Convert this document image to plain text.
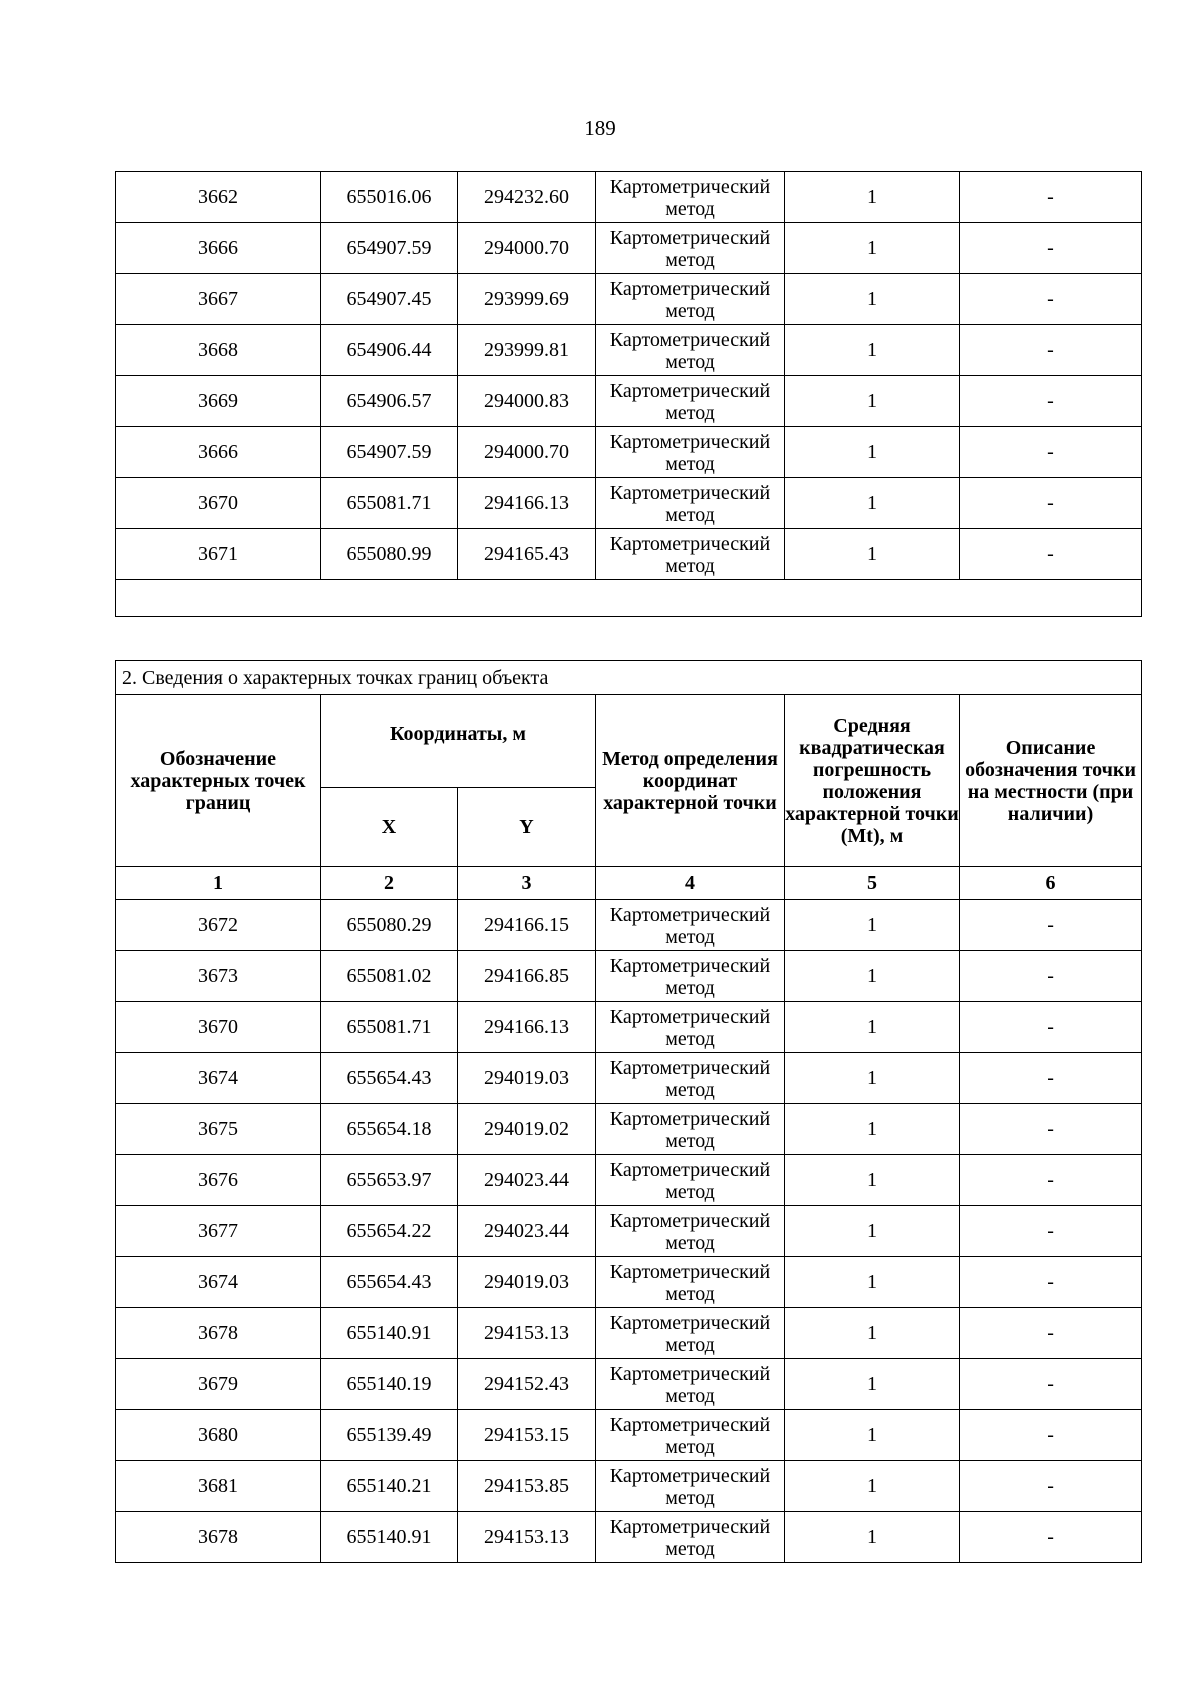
189
3662	655016.06	294232.60	Картометрический метод	1	-
3666	654907.59	294000.70	Картометрический метод	1	-
3667	654907.45	293999.69	Картометрический метод	1	-
3668	654906.44	293999.81	Картометрический метод	1	-
3669	654906.57	294000.83	Картометрический метод	1	-
3666	654907.59	294000.70	Картометрический метод	1	-
3670	655081.71	294166.13	Картометрический метод	1	-
3671	655080.99	294165.43	Картометрический метод	1	-

2. Сведения о характерных точках границ объекта					
Обозначение характерных точек границ	Координаты, м		Метод определения координат характерной точки	Средняя квадратическая погрешность положения характерной точки (Mt), м	Описание обозначения точки на местности (при наличии)
	X	Y			
1	2	3	4	5	6
3672	655080.29	294166.15	Картометрический метод	1	-
3673	655081.02	294166.85	Картометрический метод	1	-
3670	655081.71	294166.13	Картометрический метод	1	-
3674	655654.43	294019.03	Картометрический метод	1	-
3675	655654.18	294019.02	Картометрический метод	1	-
3676	655653.97	294023.44	Картометрический метод	1	-
3677	655654.22	294023.44	Картометрический метод	1	-
3674	655654.43	294019.03	Картометрический метод	1	-
3678	655140.91	294153.13	Картометрический метод	1	-
3679	655140.19	294152.43	Картометрический метод	1	-
3680	655139.49	294153.15	Картометрический метод	1	-
3681	655140.21	294153.85	Картометрический метод	1	-
3678	655140.91	294153.13	Картометрический метод	1	-
